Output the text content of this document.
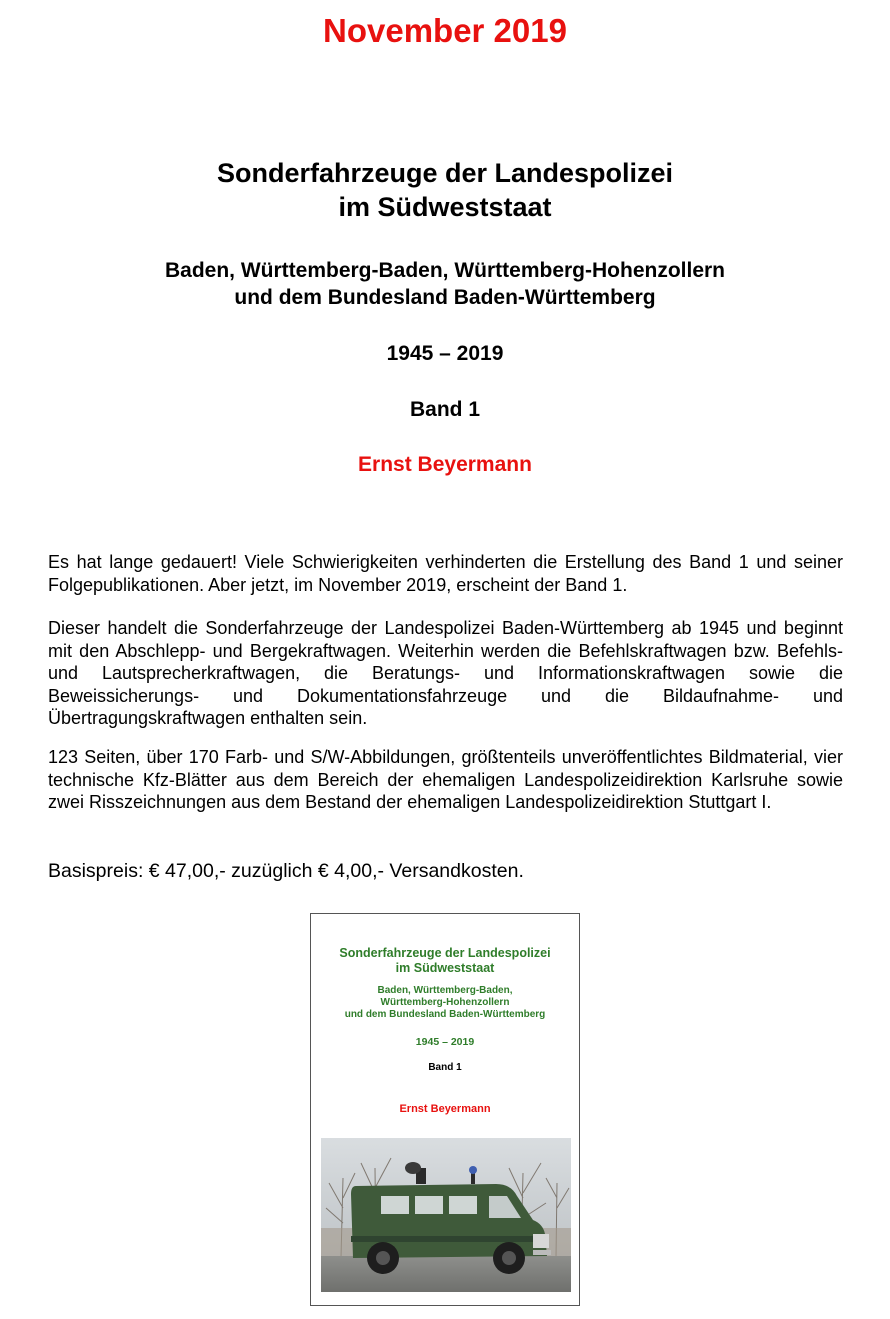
November 2019
Sonderfahrzeuge der Landespolizei
im Südweststaat
Baden, Württemberg-Baden, Württemberg-Hohenzollern
und dem Bundesland Baden-Württemberg
1945 – 2019
Band 1
Ernst Beyermann

Es hat lange gedauert! Viele Schwierigkeiten verhinderten die Erstellung des Band 1 und seiner Folgepublikationen. Aber jetzt, im November 2019, erscheint der Band 1.

Dieser handelt die Sonderfahrzeuge der Landespolizei Baden-Württemberg ab 1945 und beginnt mit den Abschlepp- und Bergekraftwagen. Weiterhin werden die Befehlskraftwagen bzw. Befehls- und Lautsprecherkraftwagen, die Beratungs- und Informationskraftwagen sowie die Beweissicherungs- und Dokumentationsfahrzeuge und die Bildaufnahme- und Übertragungskraftwagen enthalten sein.

123 Seiten, über 170 Farb- und S/W-Abbildungen, größtenteils unveröffentlichtes Bildmaterial, vier technische Kfz-Blätter aus dem Bereich der ehemaligen Landespolizeidirektion Karlsruhe sowie zwei Risszeichnungen aus dem Bestand der ehemaligen Landespolizeidirektion Stuttgart I.

Basispreis: € 47,00,- zuzüglich € 4,00,- Versandkosten.

Sonderfahrzeuge der Landespolizei
im Südweststaat
Baden, Württemberg-Baden,
Württemberg-Hohenzollern
und dem Bundesland Baden-Württemberg
1945 – 2019
Band 1
Ernst Beyermann
